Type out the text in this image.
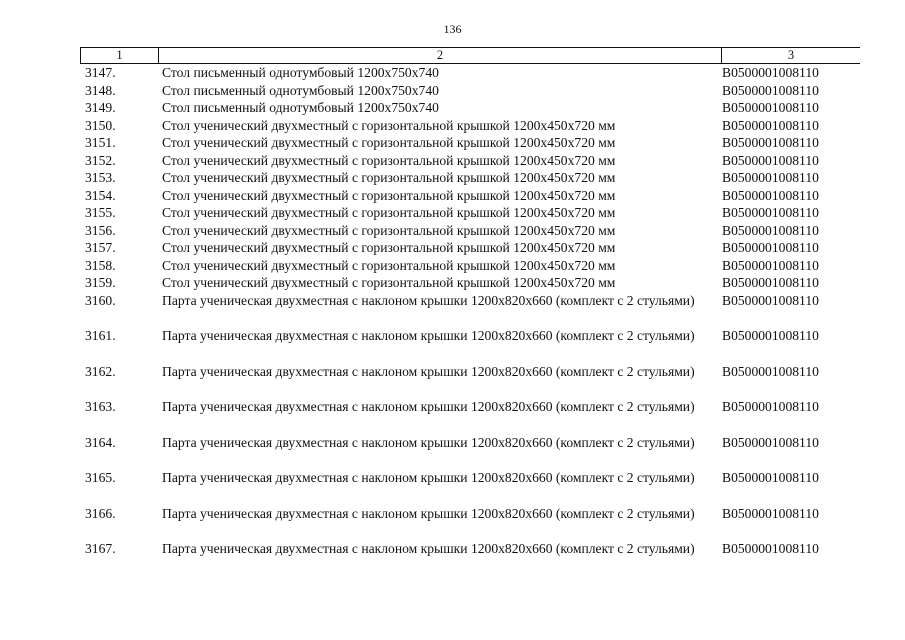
136
1	2	3
3147.	Стол письменный однотумбовый 1200х750х740	В0500001008110
3148.	Стол письменный однотумбовый 1200х750х740	В0500001008110
3149.	Стол письменный однотумбовый 1200х750х740	В0500001008110
3150.	Стол ученический двухместный с горизонтальной крышкой 1200х450х720 мм	В0500001008110
3151.	Стол ученический двухместный с горизонтальной крышкой 1200х450х720 мм	В0500001008110
3152.	Стол ученический двухместный с горизонтальной крышкой 1200х450х720 мм	В0500001008110
3153.	Стол ученический двухместный с горизонтальной крышкой 1200х450х720 мм	В0500001008110
3154.	Стол ученический двухместный с горизонтальной крышкой 1200х450х720 мм	В0500001008110
3155.	Стол ученический двухместный с горизонтальной крышкой 1200х450х720 мм	В0500001008110
3156.	Стол ученический двухместный с горизонтальной крышкой 1200х450х720 мм	В0500001008110
3157.	Стол ученический двухместный с горизонтальной крышкой 1200х450х720 мм	В0500001008110
3158.	Стол ученический двухместный с горизонтальной крышкой 1200х450х720 мм	В0500001008110
3159.	Стол ученический двухместный с горизонтальной крышкой 1200х450х720 мм	В0500001008110
3160.	Парта ученическая двухместная с наклоном крышки 1200х820х660 (комплект с 2 стульями)	В0500001008110
3161.	Парта ученическая двухместная с наклоном крышки 1200х820х660 (комплект с 2 стульями)	В0500001008110
3162.	Парта ученическая двухместная с наклоном крышки 1200х820х660 (комплект с 2 стульями)	В0500001008110
3163.	Парта ученическая двухместная с наклоном крышки 1200х820х660 (комплект с 2 стульями)	В0500001008110
3164.	Парта ученическая двухместная с наклоном крышки 1200х820х660 (комплект с 2 стульями)	В0500001008110
3165.	Парта ученическая двухместная с наклоном крышки 1200х820х660 (комплект с 2 стульями)	В0500001008110
3166.	Парта ученическая двухместная с наклоном крышки 1200х820х660 (комплект с 2 стульями)	В0500001008110
3167.	Парта ученическая двухместная с наклоном крышки 1200х820х660 (комплект с 2 стульями)	В0500001008110
